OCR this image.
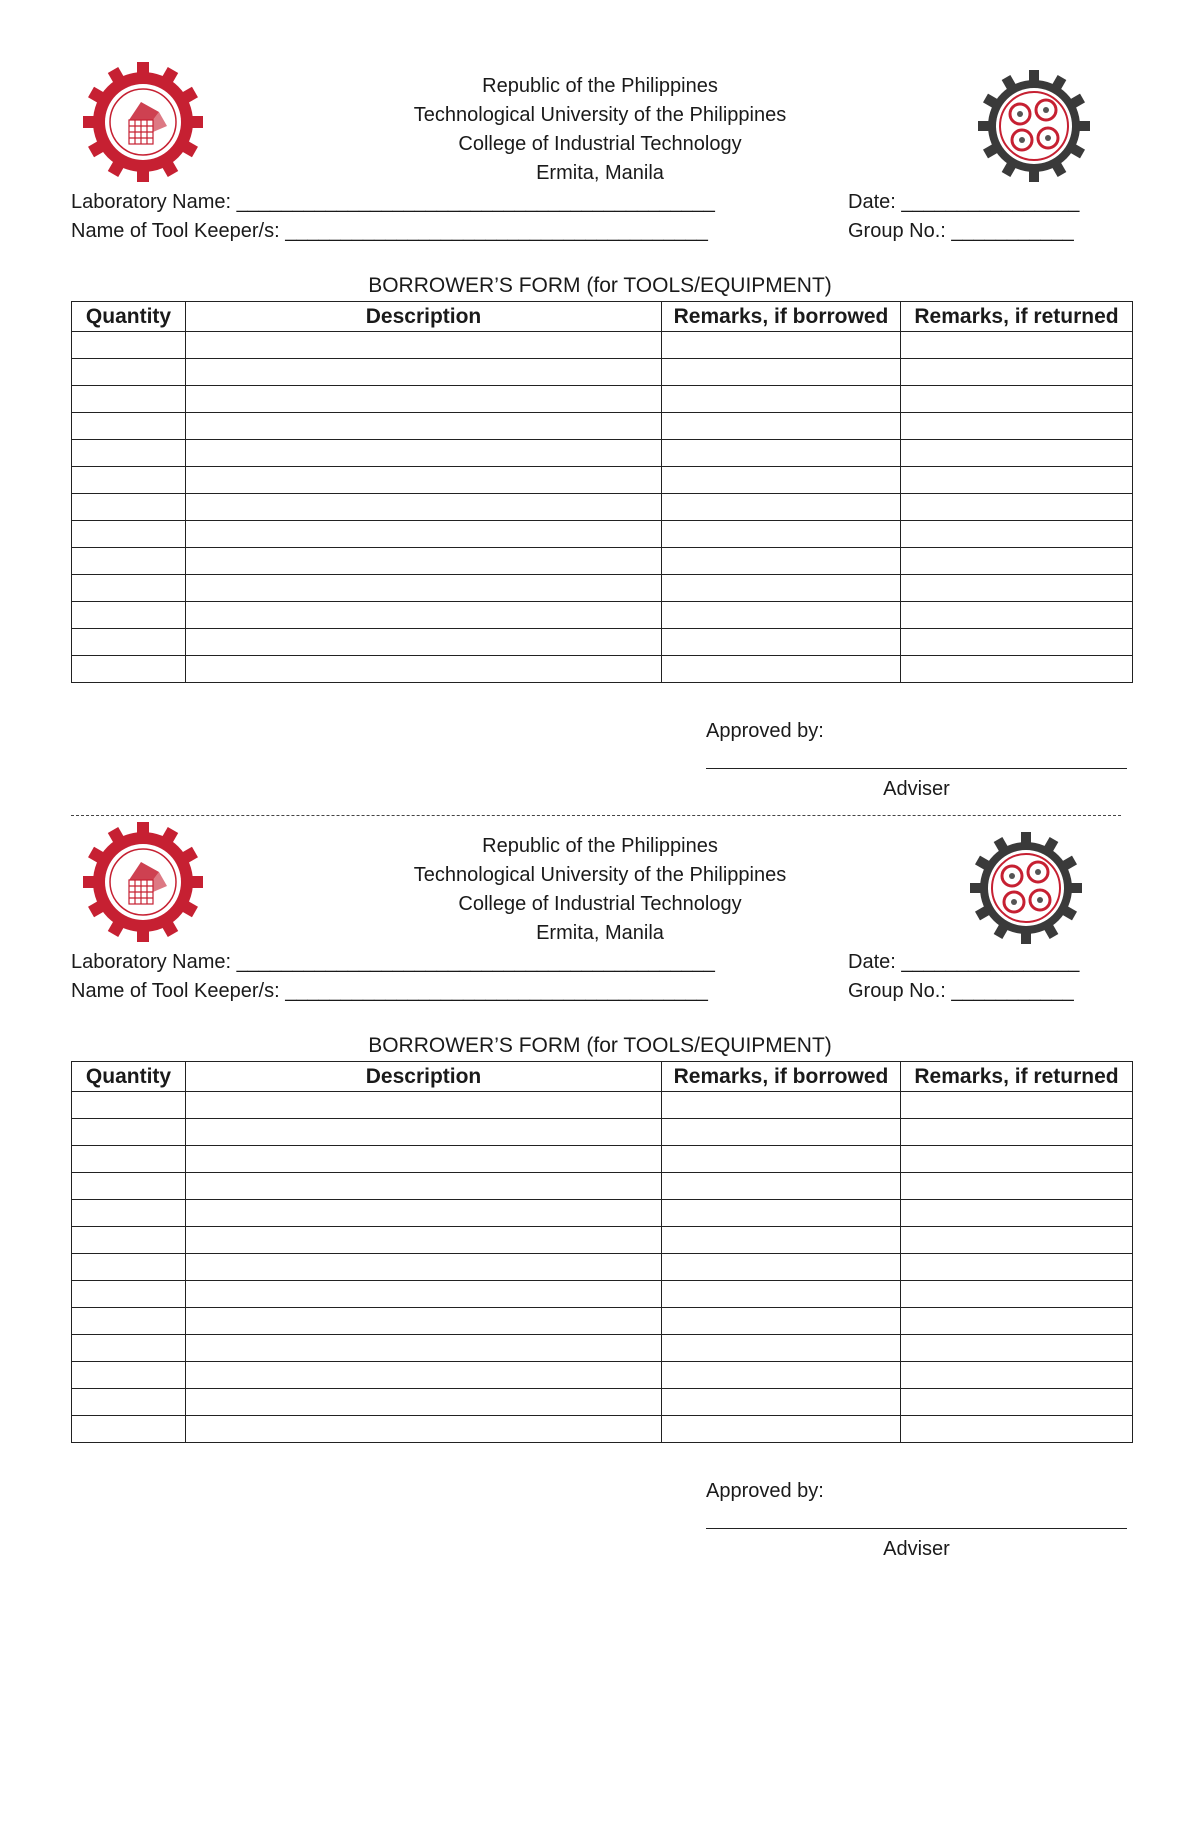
Republic of the Philippines
Technological University of the Philippines
College of Industrial Technology
Ermita, Manila
Laboratory Name: ___________________________________________
Name of Tool Keeper/s: ______________________________________
Date: ________________
Group No.: ___________
BORROWER’S FORM (for TOOLS/EQUIPMENT)
Quantity	Description	Remarks, if borrowed	Remarks, if returned

Approved by:
Adviser
Republic of the Philippines
Technological University of the Philippines
College of Industrial Technology
Ermita, Manila
Laboratory Name: ___________________________________________
Name of Tool Keeper/s: ______________________________________
Date: ________________
Group No.: ___________
BORROWER’S FORM (for TOOLS/EQUIPMENT)
Quantity	Description	Remarks, if borrowed	Remarks, if returned

Approved by:
Adviser
